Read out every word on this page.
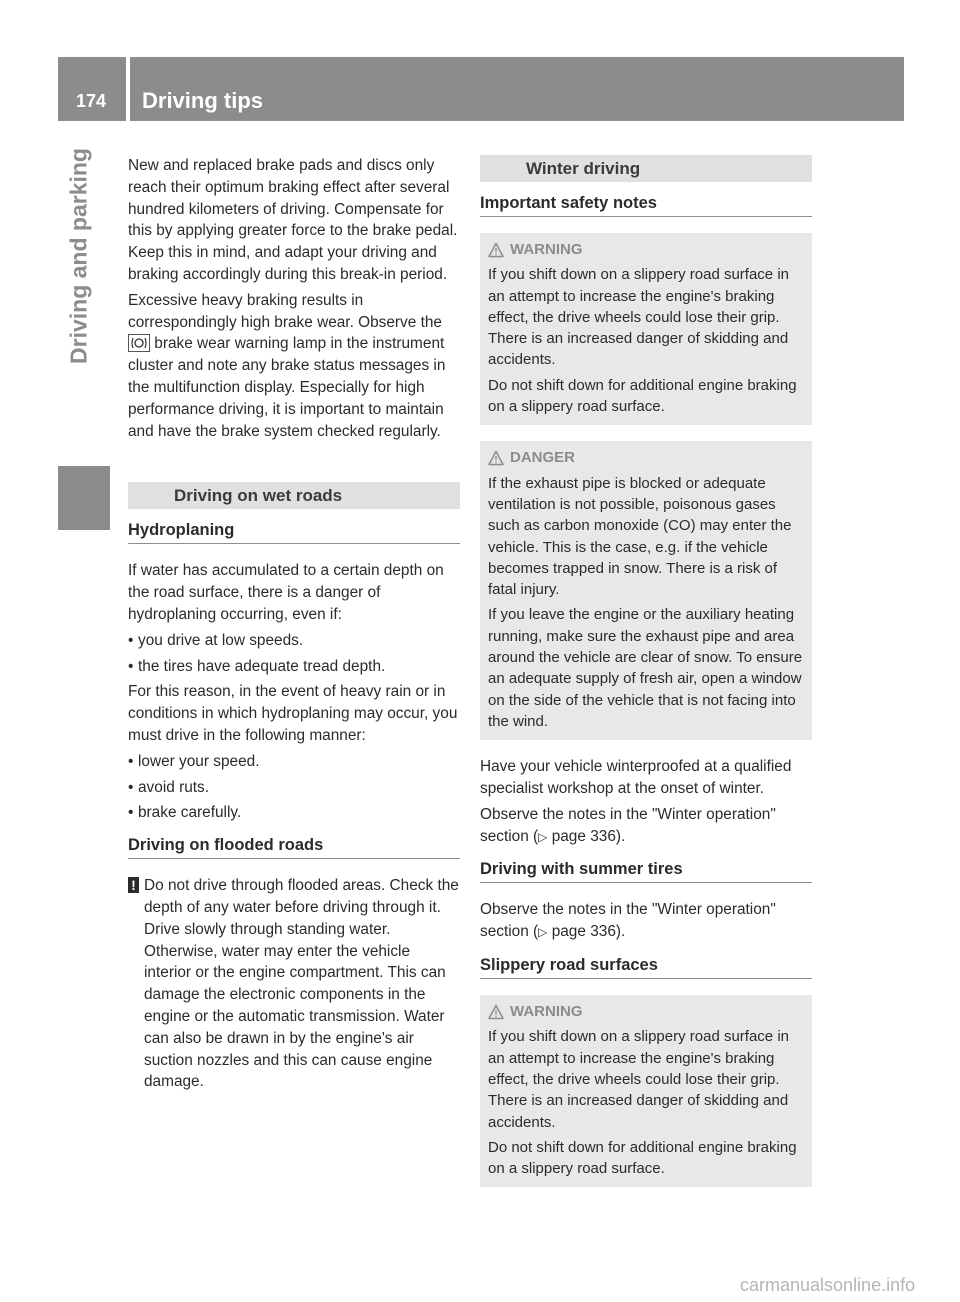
174	Driving tips
Driving and parking New and replaced brake pads and discs only reach their optimum braking effect after several hundred kilometers of driving. Compensate for this by applying greater force to the brake pedal. Keep this in mind, and adapt your driving and braking accordingly during this break-in period.

Excessive heavy braking results in correspondingly high brake wear. Observe the  brake wear warning lamp in the instrument cluster and note any brake status messages in the multifunction display. Especially for high performance driving, it is important to maintain and have the brake system checked regularly.

Driving on wet roads
Hydroplaning

If water has accumulated to a certain depth on the road surface, there is a danger of hydroplaning occurring, even if:

• you drive at low speeds.
• the tires have adequate tread depth.

For this reason, in the event of heavy rain or in conditions in which hydroplaning may occur, you must drive in the following manner:

• lower your speed.
• avoid ruts.
• brake carefully.
Driving on flooded roads

! Do not drive through flooded areas. Check the depth of any water before driving through it. Drive slowly through standing water. Otherwise, water may enter the vehicle interior or the engine compartment. This can damage the electronic components in the engine or the automatic transmission. Water can also be drawn in by the engine's air suction nozzles and this can cause engine damage.

Winter driving
Important safety notes
WARNING

If you shift down on a slippery road surface in an attempt to increase the engine's braking effect, the drive wheels could lose their grip. There is an increased danger of skidding and accidents.

Do not shift down for additional engine braking on a slippery road surface.

DANGER

If the exhaust pipe is blocked or adequate ventilation is not possible, poisonous gases such as carbon monoxide (CO) may enter the vehicle. This is the case, e.g. if the vehicle becomes trapped in snow. There is a risk of fatal injury.

If you leave the engine or the auxiliary heating running, make sure the exhaust pipe and area around the vehicle are clear of snow. To ensure an adequate supply of fresh air, open a window on the side of the vehicle that is not facing into the wind.

Have your vehicle winterproofed at a qualified specialist workshop at the onset of winter.

Observe the notes in the "Winter operation" section (▷ page 336).

Driving with summer tires

Observe the notes in the "Winter operation" section (▷ page 336).

Slippery road surfaces
WARNING

If you shift down on a slippery road surface in an attempt to increase the engine's braking effect, the drive wheels could lose their grip. There is an increased danger of skidding and accidents.

Do not shift down for additional engine braking on a slippery road surface.

carmanualsonline.info
